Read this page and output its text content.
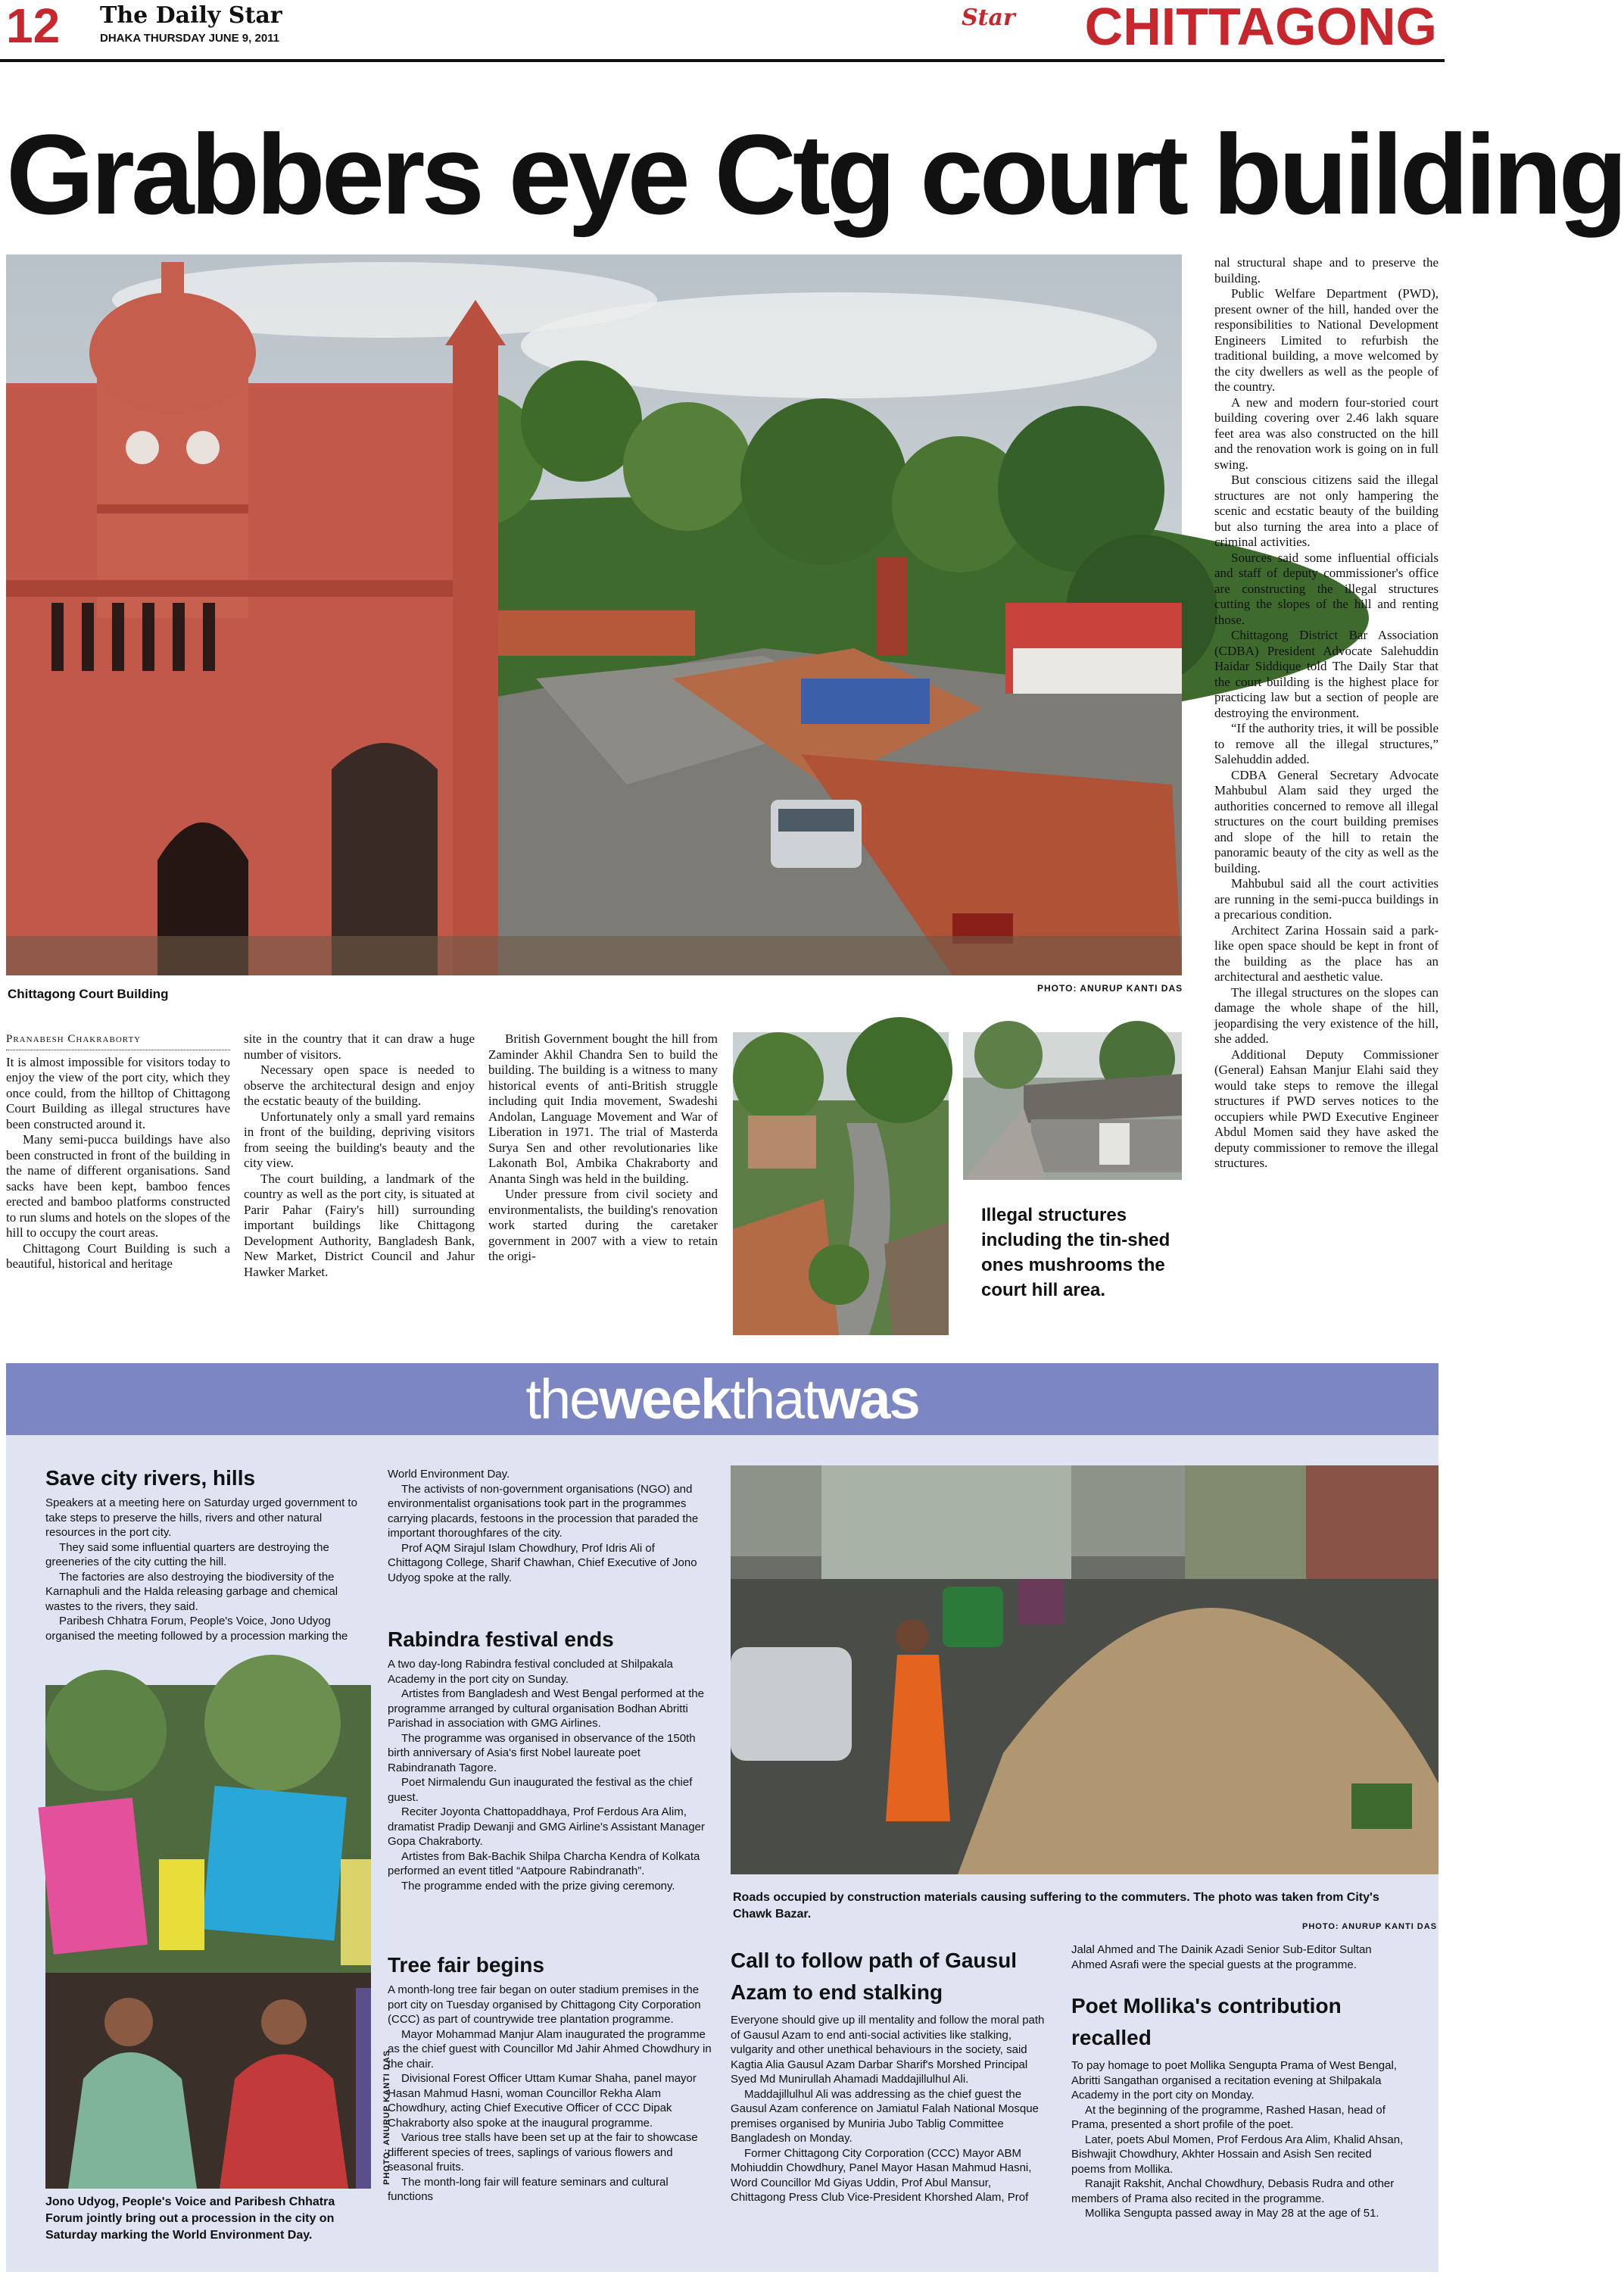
12 The Daily Star
DHAKA THURSDAY JUNE 9, 2011
Star CHITTAGONG
Grabbers eye Ctg court building
Chittagong Court Building	PHOTO: ANURUP KANTI DAS
Pranabesh Chakraborty

It is almost impossible for visitors today to enjoy the view of the port city, which they once could, from the hilltop of Chittagong Court Building as illegal structures have been constructed around it.

Many semi-pucca buildings have also been constructed in front of the building in the name of different organisations. Sand sacks have been kept, bamboo fences erected and bamboo platforms constructed to run slums and hotels on the slopes of the hill to occupy the court areas.

Chittagong Court Building is such a beautiful, historical and heritage

site in the country that it can draw a huge number of visitors.

Necessary open space is needed to observe the architectural design and enjoy the ecstatic beauty of the building.

Unfortunately only a small yard remains in front of the building, depriving visitors from seeing the building's beauty and the city view.

The court building, a landmark of the country as well as the port city, is situated at Parir Pahar (Fairy's hill) surrounding important buildings like Chittagong Development Authority, Bangladesh Bank, New Market, District Council and Jahur Hawker Market.

British Government bought the hill from Zaminder Akhil Chandra Sen to build the building. The building is a witness to many historical events of anti-British struggle including quit India movement, Swadeshi Andolan, Language Movement and War of Liberation in 1971. The trial of Masterda Surya Sen and other revolutionaries like Lakonath Bol, Ambika Chakraborty and Ananta Singh was held in the building.

Under pressure from civil society and environmentalists, the building's renovation work started during the caretaker government in 2007 with a view to retain the origi-

Illegal structures including the tin-shed ones mushrooms the court hill area.

nal structural shape and to preserve the building.

Public Welfare Department (PWD), present owner of the hill, handed over the responsibilities to National Development Engineers Limited to refurbish the traditional building, a move welcomed by the city dwellers as well as the people of the country.

A new and modern four-storied court building covering over 2.46 lakh square feet area was also constructed on the hill and the renovation work is going on in full swing.

But conscious citizens said the illegal structures are not only hampering the scenic and ecstatic beauty of the building but also turning the area into a place of criminal activities.

Sources said some influential officials and staff of deputy commissioner's office are constructing the illegal structures cutting the slopes of the hill and renting those.

Chittagong District Bar Association (CDBA) President Advocate Salehuddin Haidar Siddique told The Daily Star that the court building is the highest place for practicing law but a section of people are destroying the environment.

“If the authority tries, it will be possible to remove all the illegal structures,” Salehuddin added.

CDBA General Secretary Advocate Mahbubul Alam said they urged the authorities concerned to remove all illegal structures on the court building premises and slope of the hill to retain the panoramic beauty of the city as well as the building.

Mahbubul said all the court activities are running in the semi-pucca buildings in a precarious condition.

Architect Zarina Hossain said a park-like open space should be kept in front of the building as the place has an architectural and aesthetic value.

The illegal structures on the slopes can damage the whole shape of the hill, jeopardising the very existence of the hill, she added.

Additional Deputy Commissioner (General) Eahsan Manjur Elahi said they would take steps to remove the illegal structures if PWD serves notices to the occupiers while PWD Executive Engineer Abdul Momen said they have asked the deputy commissioner to remove the illegal structures.

theweekthatwas
Save city rivers, hills

Speakers at a meeting here on Saturday urged government to take steps to preserve the hills, rivers and other natural resources in the port city.

They said some influential quarters are destroying the greeneries of the city cutting the hill.

The factories are also destroying the biodiversity of the Karnaphuli and the Halda releasing garbage and chemical wastes to the rivers, they said.

Paribesh Chhatra Forum, People's Voice, Jono Udyog organised the meeting followed by a procession marking the

PHOTO: ANURUP KANTI DAS
Jono Udyog, People's Voice and Paribesh Chhatra Forum jointly bring out a procession in the city on Saturday marking the World Environment Day.

World Environment Day.

The activists of non-government organisations (NGO) and environmentalist organisations took part in the programmes carrying placards, festoons in the procession that paraded the important thoroughfares of the city.

Prof AQM Sirajul Islam Chowdhury, Prof Idris Ali of Chittagong College, Sharif Chawhan, Chief Executive of Jono Udyog spoke at the rally.

Rabindra festival ends

A two day-long Rabindra festival concluded at Shilpakala Academy in the port city on Sunday.

Artistes from Bangladesh and West Bengal performed at the programme arranged by cultural organisation Bodhan Abritti Parishad in association with GMG Airlines.

The programme was organised in observance of the 150th birth anniversary of Asia's first Nobel laureate poet Rabindranath Tagore.

Poet Nirmalendu Gun inaugurated the festival as the chief guest.

Reciter Joyonta Chattopaddhaya, Prof Ferdous Ara Alim, dramatist Pradip Dewanji and GMG Airline's Assistant Manager Gopa Chakraborty.

Artistes from Bak-Bachik Shilpa Charcha Kendra of Kolkata performed an event titled “Aatpoure Rabindranath”.

The programme ended with the prize giving ceremony.

Tree fair begins

A month-long tree fair began on outer stadium premises in the port city on Tuesday organised by Chittagong City Corporation (CCC) as part of countrywide tree plantation programme.

Mayor Mohammad Manjur Alam inaugurated the programme as the chief guest with Councillor Md Jahir Ahmed Chowdhury in the chair.

Divisional Forest Officer Uttam Kumar Shaha, panel mayor Hasan Mahmud Hasni, woman Councillor Rekha Alam Chowdhury, acting Chief Executive Officer of CCC Dipak Chakraborty also spoke at the inaugural programme.

Various tree stalls have been set up at the fair to showcase different species of trees, saplings of various flowers and seasonal fruits.

The month-long fair will feature seminars and cultural functions

Roads occupied by construction materials causing suffering to the commuters. The photo was taken from City's Chawk Bazar.
PHOTO: ANURUP KANTI DAS
Call to follow path of Gausul Azam to end stalking

Everyone should give up ill mentality and follow the moral path of Gausul Azam to end anti-social activities like stalking, vulgarity and other unethical behaviours in the society, said Kagtia Alia Gausul Azam Darbar Sharif's Morshed Principal Syed Md Munirullah Ahamadi Maddajillulhul Ali.

Maddajillulhul Ali was addressing as the chief guest the Gausul Azam conference on Jamiatul Falah National Mosque premises organised by Muniria Jubo Tablig Committee Bangladesh on Monday.

Former Chittagong City Corporation (CCC) Mayor ABM Mohiuddin Chowdhury, Panel Mayor Hasan Mahmud Hasni, Word Councillor Md Giyas Uddin, Prof Abul Mansur, Chittagong Press Club Vice-President Khorshed Alam, Prof

Jalal Ahmed and The Dainik Azadi Senior Sub-Editor Sultan Ahmed Asrafi were the special guests at the programme.

Poet Mollika's contribution recalled

To pay homage to poet Mollika Sengupta Prama of West Bengal, Abritti Sangathan organised a recitation evening at Shilpakala Academy in the port city on Monday.

At the beginning of the programme, Rashed Hasan, head of Prama, presented a short profile of the poet.

Later, poets Abul Momen, Prof Ferdous Ara Alim, Khalid Ahsan, Bishwajit Chowdhury, Akhter Hossain and Asish Sen recited poems from Mollika.

Ranajit Rakshit, Anchal Chowdhury, Debasis Rudra and other members of Prama also recited in the programme.

Mollika Sengupta passed away in May 28 at the age of 51.
